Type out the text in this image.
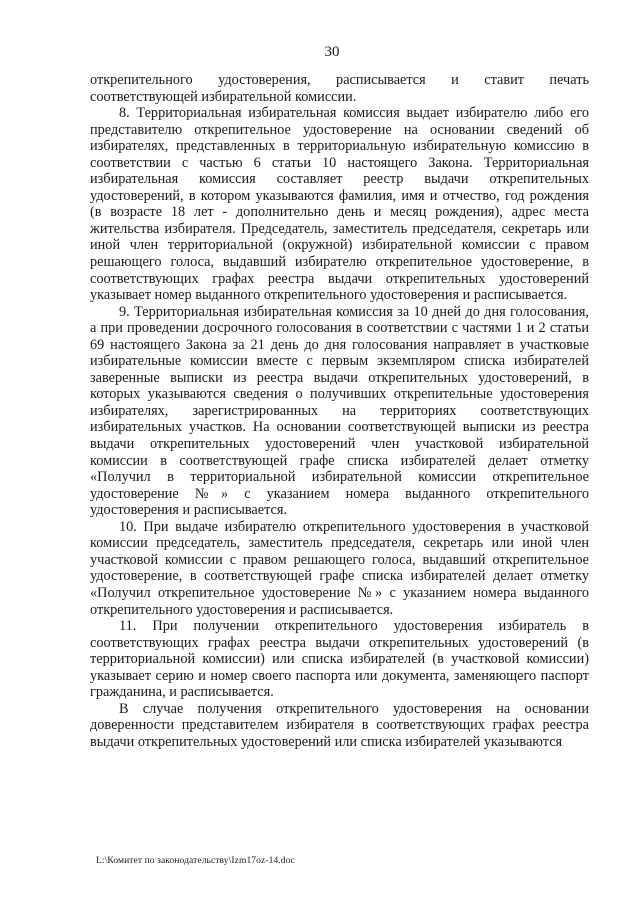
30

открепительного удостоверения, расписывается и ставит печать соответствующей избирательной комиссии.

8. Территориальная избирательная комиссия выдает избирателю либо его представителю открепительное удостоверение на основании сведений об избирателях, представленных в территориальную избирательную комиссию в соответствии с частью 6 статьи 10 настоящего Закона. Территориальная избирательная комиссия составляет реестр выдачи открепительных удостоверений, в котором указываются фамилия, имя и отчество, год рождения (в возрасте 18 лет - дополнительно день и месяц рождения), адрес места жительства избирателя. Председатель, заместитель председателя, секретарь или иной член территориальной (окружной) избирательной комиссии с правом решающего голоса, выдавший избирателю открепительное удостоверение, в соответствующих графах реестра выдачи открепительных удостоверений указывает номер выданного открепительного удостоверения и расписывается.

9. Территориальная избирательная комиссия за 10 дней до дня голосования, а при проведении досрочного голосования в соответствии с частями 1 и 2 статьи 69 настоящего Закона за 21 день до дня голосования направляет в участковые избирательные комиссии вместе с первым экземпляром списка избирателей заверенные выписки из реестра выдачи открепительных удостоверений, в которых указываются сведения о получивших открепительные удостоверения избирателях, зарегистрированных на территориях соответствующих избирательных участков. На основании соответствующей выписки из реестра выдачи открепительных удостоверений член участковой избирательной комиссии в соответствующей графе списка избирателей делает отметку «Получил в территориальной избирательной комиссии открепительное удостоверение №» с указанием номера выданного открепительного удостоверения и расписывается.

10. При выдаче избирателю открепительного удостоверения в участковой комиссии председатель, заместитель председателя, секретарь или иной член участковой комиссии с правом решающего голоса, выдавший открепительное удостоверение, в соответствующей графе списка избирателей делает отметку «Получил открепительное удостоверение №» с указанием номера выданного открепительного удостоверения и расписывается.

11. При получении открепительного удостоверения избиратель в соответствующих графах реестра выдачи открепительных удостоверений (в территориальной комиссии) или списка избирателей (в участковой комиссии) указывает серию и номер своего паспорта или документа, заменяющего паспорт гражданина, и расписывается.

В случае получения открепительного удостоверения на основании доверенности представителем избирателя в соответствующих графах реестра выдачи открепительных удостоверений или списка избирателей указываются

L:\Комитет по законодательству\Izm17oz-14.doc
